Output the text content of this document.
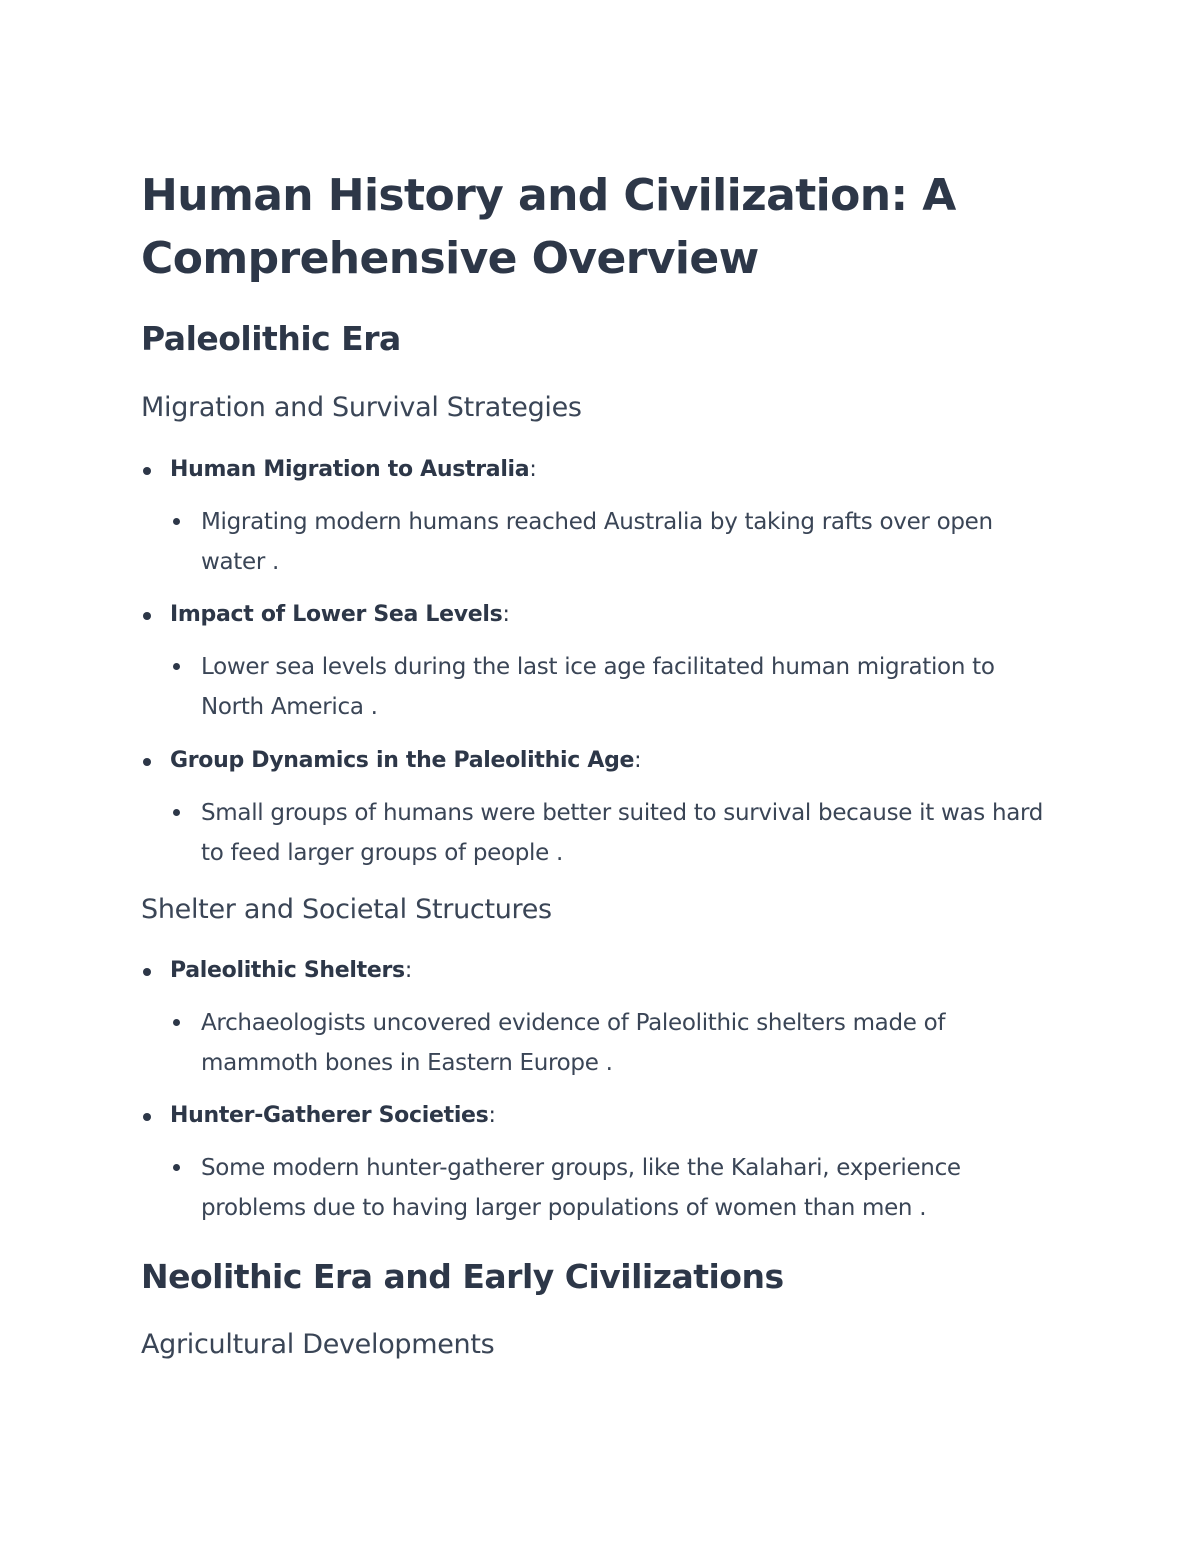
Human History and Civilization: A Comprehensive Overview
Paleolithic Era
Migration and Survival Strategies
Human Migration to Australia:
Migrating modern humans reached Australia by taking rafts over open water .
Impact of Lower Sea Levels:
Lower sea levels during the last ice age facilitated human migration to North America .
Group Dynamics in the Paleolithic Age:
Small groups of humans were better suited to survival because it was hard to feed larger groups of people .
Shelter and Societal Structures
Paleolithic Shelters:
Archaeologists uncovered evidence of Paleolithic shelters made of mammoth bones in Eastern Europe .
Hunter-Gatherer Societies:
Some modern hunter-gatherer groups, like the Kalahari, experience problems due to having larger populations of women than men .
Neolithic Era and Early Civilizations
Agricultural Developments
